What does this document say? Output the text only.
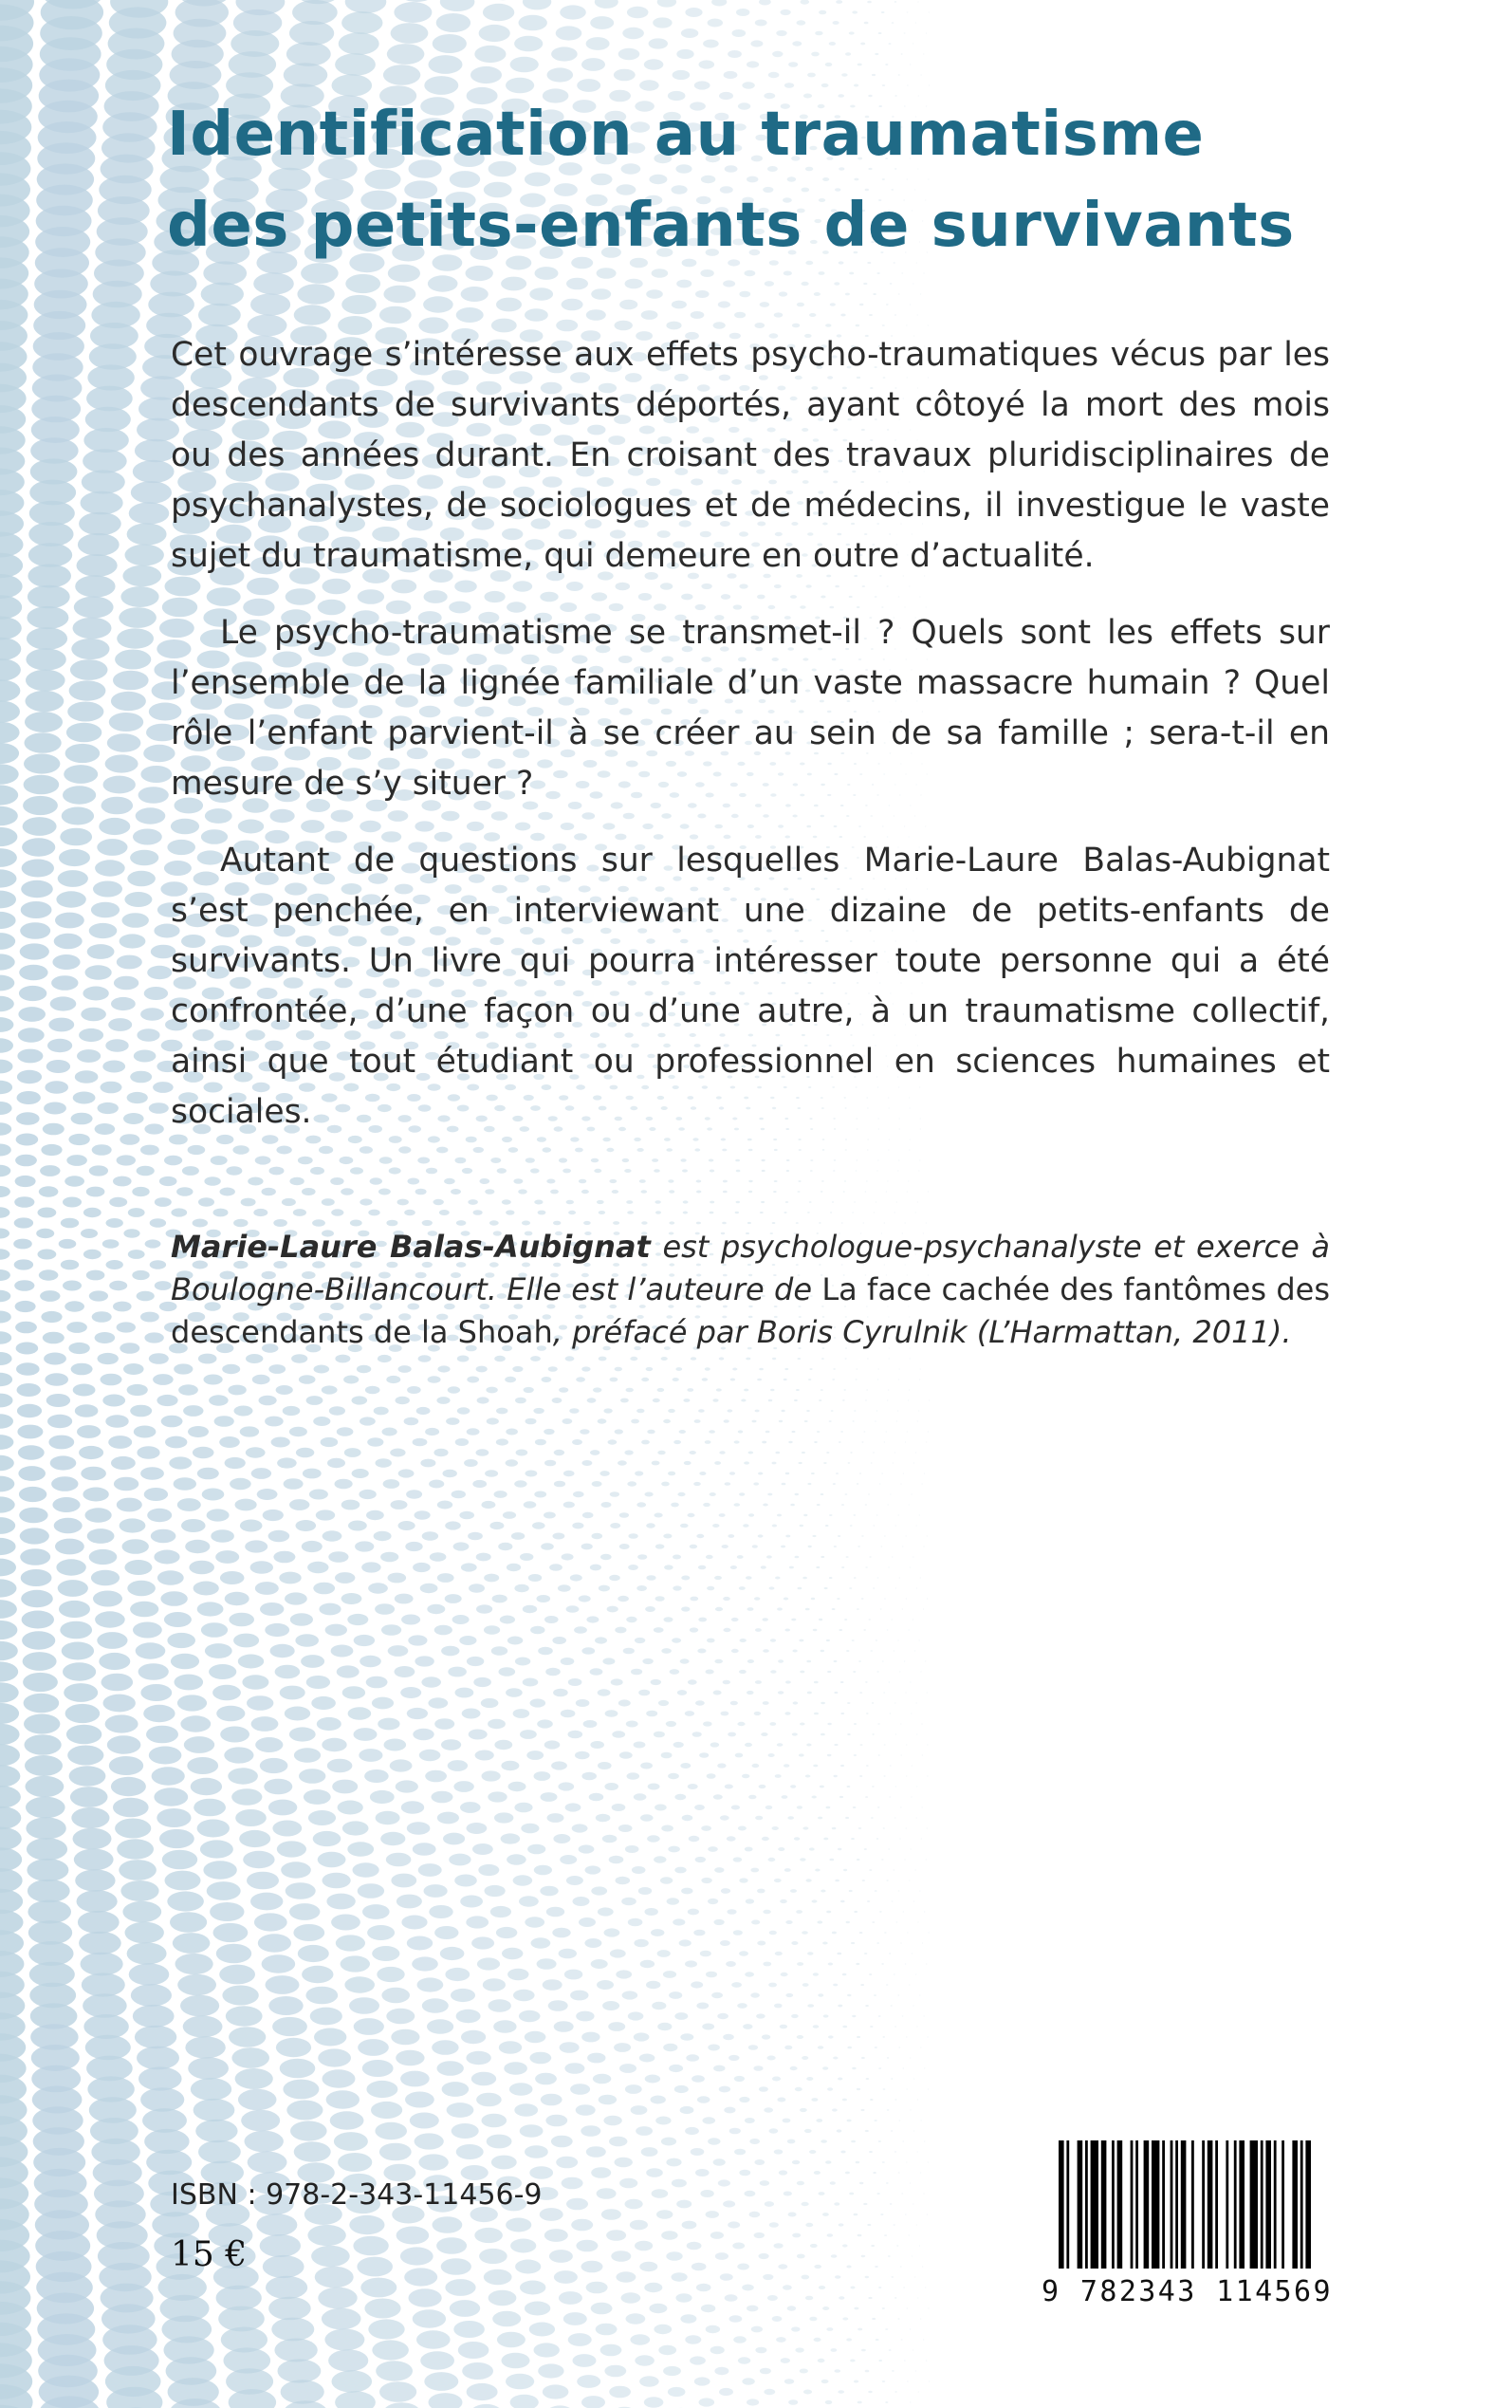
Identification au traumatisme
des petits-enfants de survivants

Cet ouvrage s’intéresse aux effets psycho-traumatiques vécus par les descendants de survivants déportés, ayant côtoyé la mort des mois ou des années durant. En croisant des travaux pluridisciplinaires de psychanalystes, de sociologues et de médecins, il investigue le vaste sujet du traumatisme, qui demeure en outre d’actualité.

Le psycho-traumatisme se transmet-il ? Quels sont les effets sur l’ensemble de la lignée familiale d’un vaste massacre humain ? Quel rôle l’enfant parvient-il à se créer au sein de sa famille ; sera-t-il en mesure de s’y situer ?

Autant de questions sur lesquelles Marie-Laure Balas-Aubignat s’est penchée, en interviewant une dizaine de petits-enfants de survivants. Un livre qui pourra intéresser toute personne qui a été confrontée, d’une façon ou d’une autre, à un traumatisme collectif, ainsi que tout étudiant ou professionnel en sciences humaines et sociales.

Marie-Laure Balas-Aubignat est psychologue-psychanalyste et exerce à Boulogne-Billancourt. Elle est l’auteure de La face cachée des fantômes des descendants de la Shoah, préfacé par Boris Cyrulnik (L’Harmattan, 2011).

ISBN : 978-2-343-11456-9
15 €
9 782343 114569
